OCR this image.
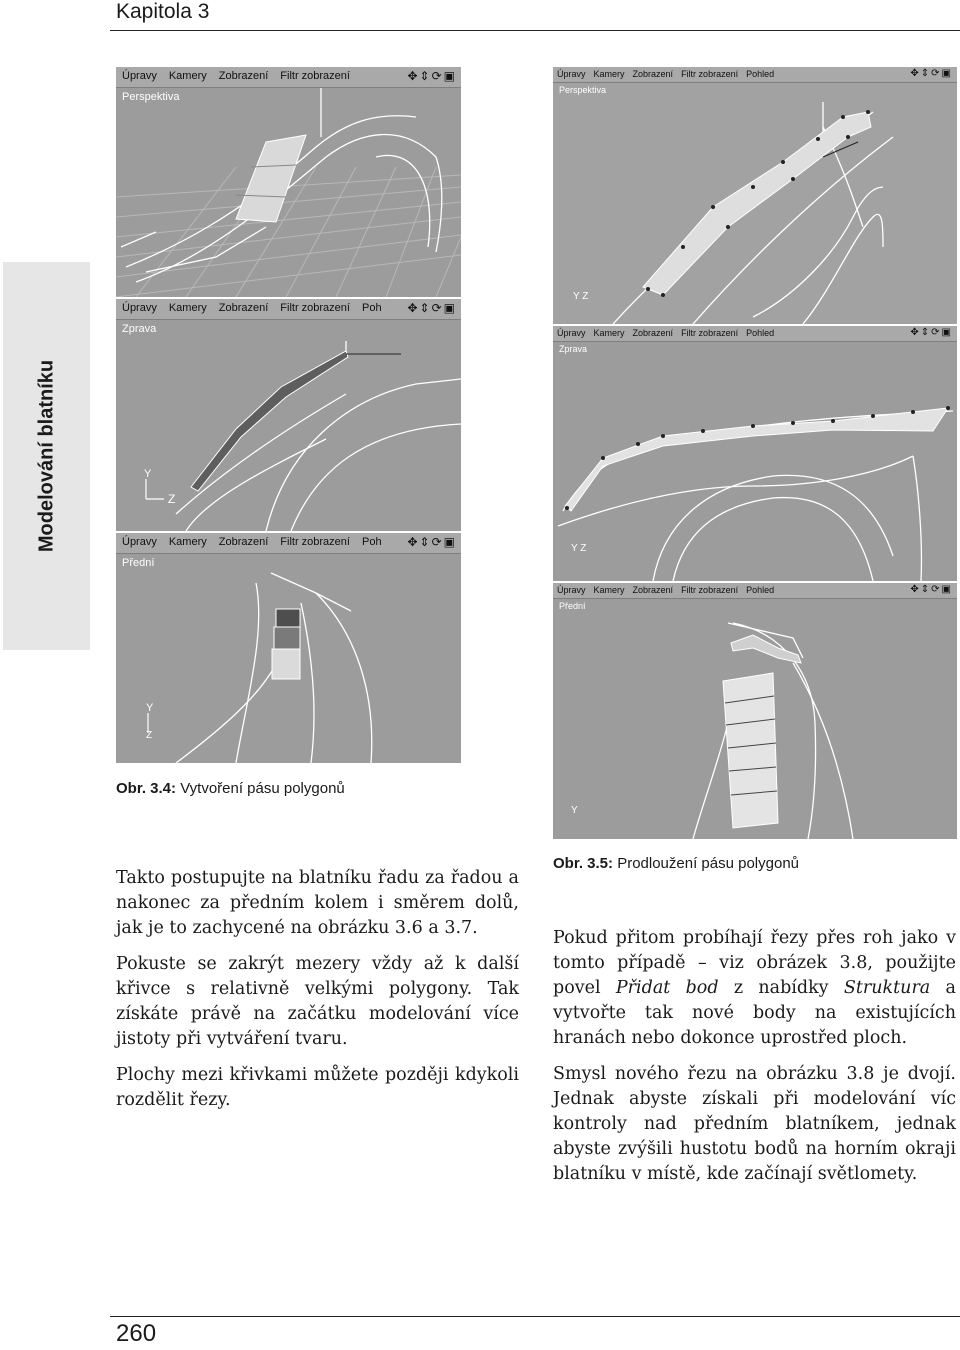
Kapitola 3
Modelování blatníku
Úpravy Kamery Zobrazení Filtr zobrazení	✥⇕⟳▣
Perspektiva
Y
Z
Úpravy Kamery Zobrazení Filtr zobrazení Poh ✥⇕⟳▣
Zprava
Y
Z
Úpravy Kamery Zobrazení Filtr zobrazení Poh ✥⇕⟳▣
Přední
Obr. 3.4: Vytvoření pásu polygonů
Y Z
Úpravy Kamery Zobrazení Filtr zobrazení Pohled	✥⇕⟳▣
Perspektiva
Y Z
Úpravy Kamery Zobrazení Filtr zobrazení Pohled	✥⇕⟳▣
Zprava
Y
Úpravy Kamery Zobrazení Filtr zobrazení Pohled	✥⇕⟳▣
Přední
Obr. 3.5: Prodloužení pásu polygonů

Takto postupujte na blatníku řadu za řadou a nakonec za předním kolem i směrem dolů, jak je to zachycené na obrázku 3.6 a 3.7.

Pokuste se zakrýt mezery vždy až k další křivce s relativně velkými polygony. Tak získáte právě na začátku modelování více jistoty při vytváření tvaru.

Plochy mezi křivkami můžete později kdykoli rozdělit řezy.

Pokud přitom probíhají řezy přes roh jako v tomto případě – viz obrázek 3.8, použijte povel Přidat bod z nabídky Struktura a vytvořte tak nové body na existujících hranách nebo dokonce uprostřed ploch.

Smysl nového řezu na obrázku 3.8 je dvojí. Jednak abyste získali při modelování víc kontroly nad předním blatníkem, jednak abyste zvýšili hustotu bodů na horním okraji blatníku v místě, kde začínají světlomety.

260
